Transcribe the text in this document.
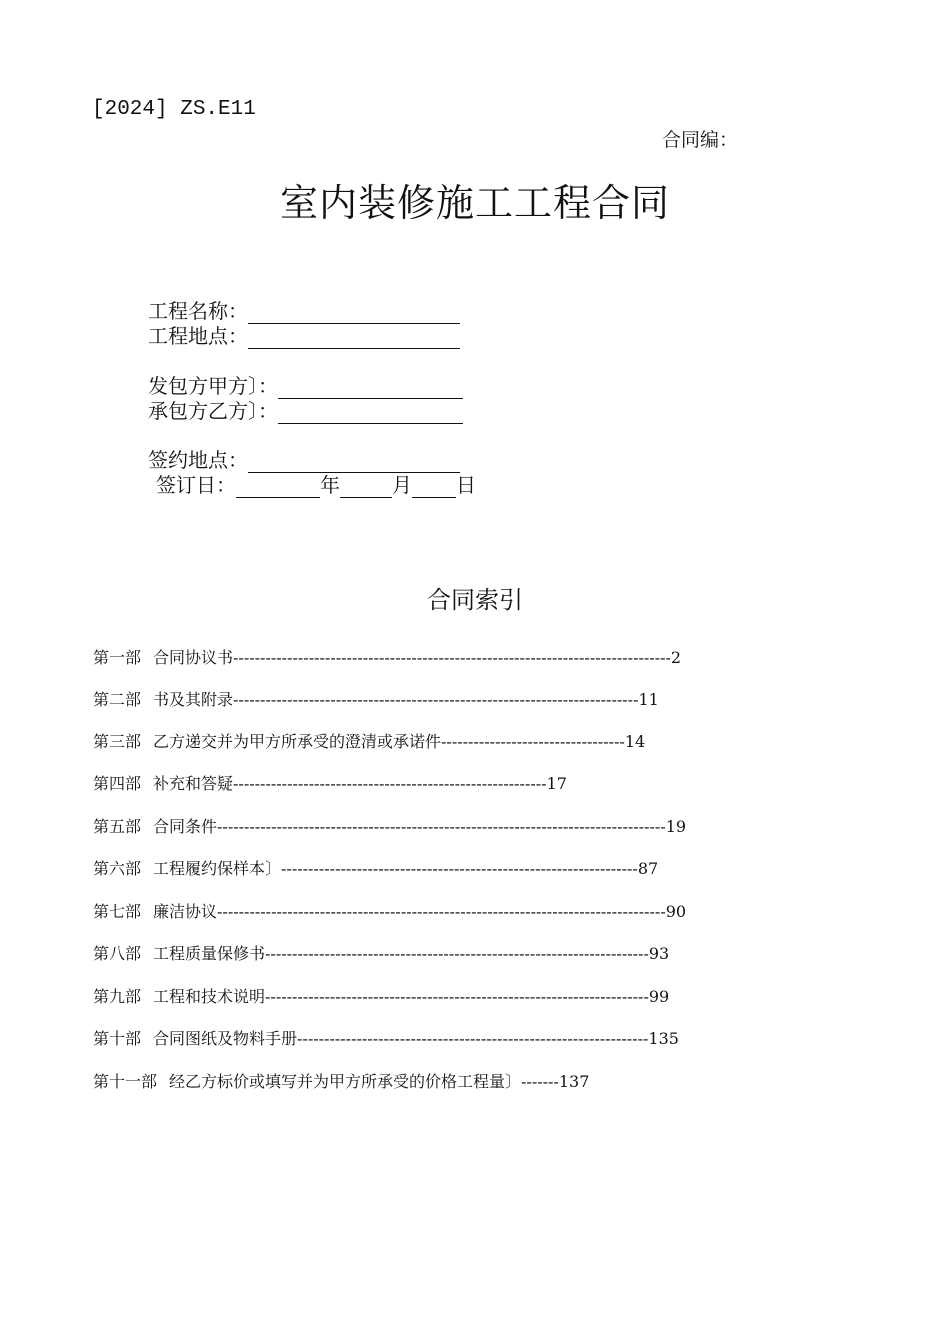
[2024] ZS.E11
合同编：
室内装修施工工程合同
工程名称：
工程地点：
发包方甲方〕：
承包方乙方〕：
签约地点：
签订日：	年	月 日
合同索引
第一部 合同协议书---------------------------------------------------------------------------------2
第二部 书及其附录---------------------------------------------------------------------------11
第三部 乙方递交并为甲方所承受的澄清或承诺件----------------------------------14
第四部 补充和答疑----------------------------------------------------------17
第五部 合同条件-----------------------------------------------------------------------------------19
第六部 工程履约保样本〕------------------------------------------------------------------87
第七部 廉洁协议-----------------------------------------------------------------------------------90
第八部 工程质量保修书-----------------------------------------------------------------------93
第九部 工程和技术说明-----------------------------------------------------------------------99
第十部 合同图纸及物料手册-----------------------------------------------------------------135
第十一部 经乙方标价或填写并为甲方所承受的价格工程量〕-------137
